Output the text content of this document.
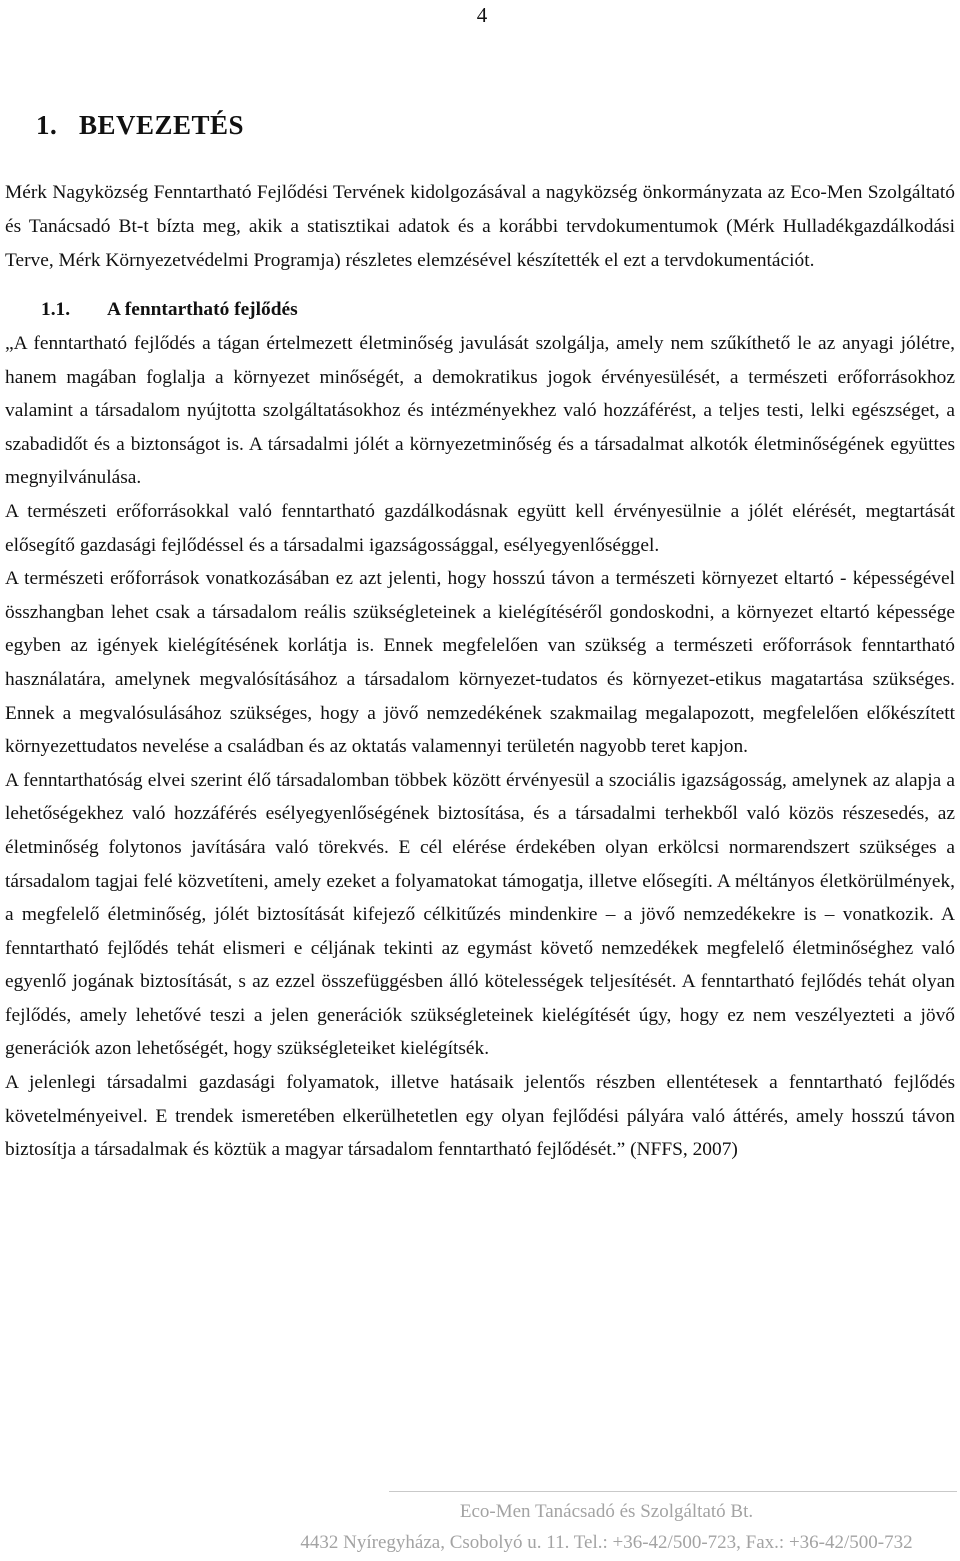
4
1. BEVEZETÉS

Mérk Nagyközség Fenntartható Fejlődési Tervének kidolgozásával a nagyközség önkormányzata az Eco-Men Szolgáltató és Tanácsadó Bt-t bízta meg, akik a statisztikai adatok és a korábbi tervdokumentumok (Mérk Hulladékgazdálkodási Terve, Mérk Környezetvédelmi Programja) részletes elemzésével készítették el ezt a tervdokumentációt.

1.1. A fenntartható fejlődés

„A fenntartható fejlődés a tágan értelmezett életminőség javulását szolgálja, amely nem szűkíthető le az anyagi jólétre, hanem magában foglalja a környezet minőségét, a demokratikus jogok érvényesülését, a természeti erőforrásokhoz valamint a társadalom nyújtotta szolgáltatásokhoz és intézményekhez való hozzáférést, a teljes testi, lelki egészséget, a szabadidőt és a biztonságot is. A társadalmi jólét a környezetminőség és a társadalmat alkotók életminőségének együttes megnyilvánulása.

A természeti erőforrásokkal való fenntartható gazdálkodásnak együtt kell érvényesülnie a jólét elérését, megtartását elősegítő gazdasági fejlődéssel és a társadalmi igazságossággal, esélyegyenlőséggel.

A természeti erőforrások vonatkozásában ez azt jelenti, hogy hosszú távon a természeti környezet eltartó - képességével összhangban lehet csak a társadalom reális szükségleteinek a kielégítéséről gondoskodni, a környezet eltartó képessége egyben az igények kielégítésének korlátja is. Ennek megfelelően van szükség a természeti erőforrások fenntartható használatára, amelynek megvalósításához a társadalom környezet-tudatos és környezet-etikus magatartása szükséges. Ennek a megvalósulásához szükséges, hogy a jövő nemzedékének szakmailag megalapozott, megfelelően előkészített környezettudatos nevelése a családban és az oktatás valamennyi területén nagyobb teret kapjon.

A fenntarthatóság elvei szerint élő társadalomban többek között érvényesül a szociális igazságosság, amelynek az alapja a lehetőségekhez való hozzáférés esélyegyenlőségének biztosítása, és a társadalmi terhekből való közös részesedés, az életminőség folytonos javítására való törekvés. E cél elérése érdekében olyan erkölcsi normarendszert szükséges a társadalom tagjai felé közvetíteni, amely ezeket a folyamatokat támogatja, illetve elősegíti. A méltányos életkörülmények, a megfelelő életminőség, jólét biztosítását kifejező célkitűzés mindenkire – a jövő nemzedékekre is – vonatkozik. A fenntartható fejlődés tehát elismeri e céljának tekinti az egymást követő nemzedékek megfelelő életminőséghez való egyenlő jogának biztosítását, s az ezzel összefüggésben álló kötelességek teljesítését. A fenntartható fejlődés tehát olyan fejlődés, amely lehetővé teszi a jelen generációk szükségleteinek kielégítését úgy, hogy ez nem veszélyezteti a jövő generációk azon lehetőségét, hogy szükségleteiket kielégítsék.

A jelenlegi társadalmi gazdasági folyamatok, illetve hatásaik jelentős részben ellentétesek a fenntartható fejlődés követelményeivel. E trendek ismeretében elkerülhetetlen egy olyan fejlődési pályára való áttérés, amely hosszú távon biztosítja a társadalmak és köztük a magyar társadalom fenntartható fejlődését.” (NFFS, 2007)

Eco-Men Tanácsadó és Szolgáltató Bt.
4432 Nyíregyháza, Csobolyó u. 11. Tel.: +36-42/500-723, Fax.: +36-42/500-732
